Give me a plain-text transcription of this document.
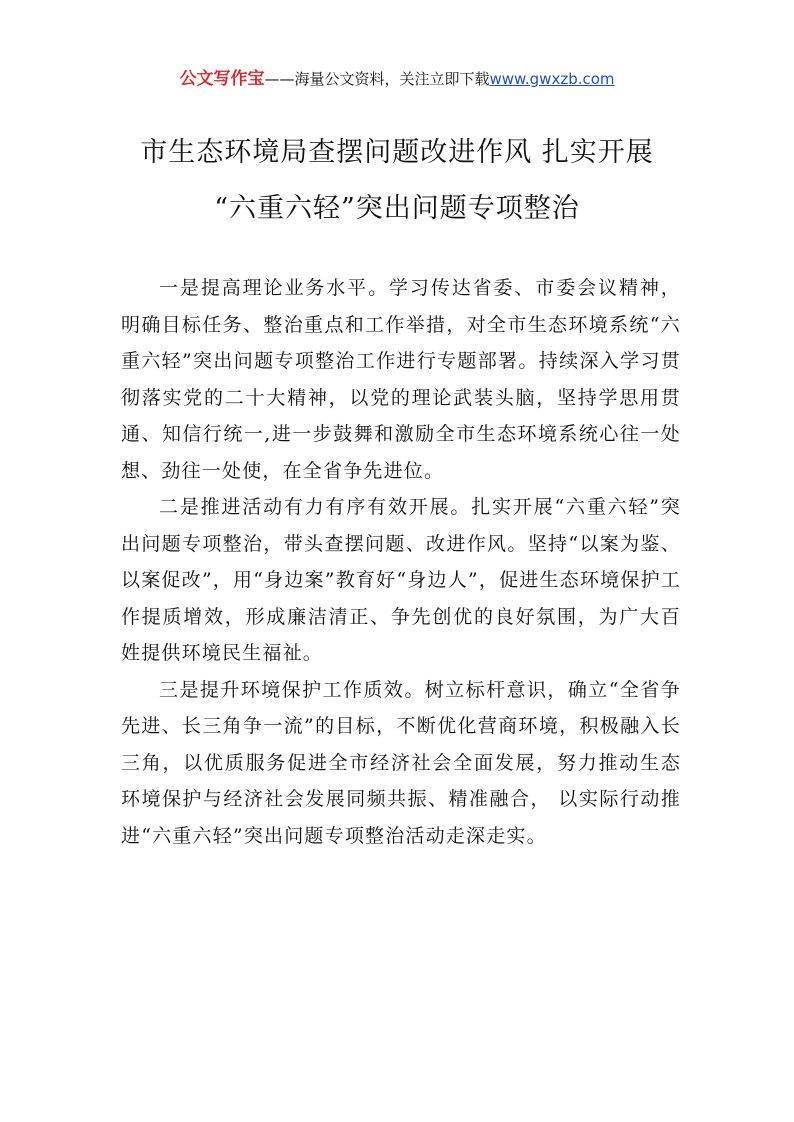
公文写作宝——海量公文资料，关注立即下载www.gwxzb.com
市生态环境局查摆问题改进作风 扎实开展
“六重六轻”突出问题专项整治

一是提高理论业务水平。学习传达省委、市委会议精神，明确目标任务、整治重点和工作举措，对全市生态环境系统“六重六轻”突出问题专项整治工作进行专题部署。持续深入学习贯彻落实党的二十大精神，以党的理论武装头脑，坚持学思用贯通、知信行统一,进一步鼓舞和激励全市生态环境系统心往一处想、劲往一处使，在全省争先进位。

二是推进活动有力有序有效开展。扎实开展“六重六轻”突出问题专项整治，带头查摆问题、改进作风。坚持“以案为鉴、以案促改”，用“身边案”教育好“身边人”，促进生态环境保护工作提质增效，形成廉洁清正、争先创优的良好氛围，为广大百姓提供环境民生福祉。

三是提升环境保护工作质效。树立标杆意识，确立“全省争先进、长三角争一流”的目标，不断优化营商环境，积极融入长三角，以优质服务促进全市经济社会全面发展，努力推动生态环境保护与经济社会发展同频共振、精准融合， 以实际行动推进“六重六轻”突出问题专项整治活动走深走实。
